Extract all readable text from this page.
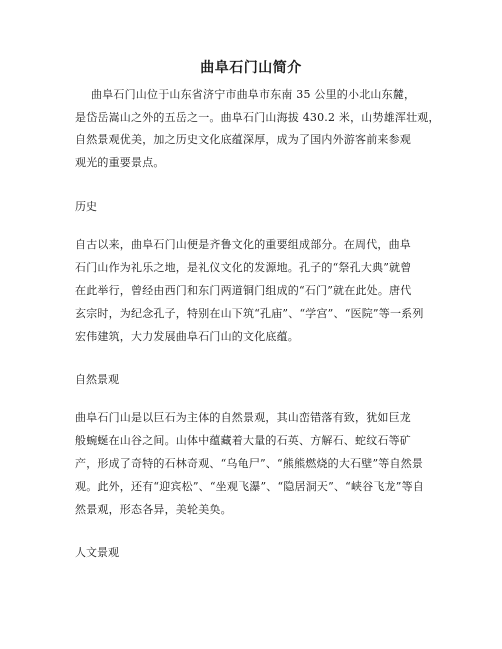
曲阜石门山简介
曲阜石门山位于山东省济宁市曲阜市东南 35 公里的小北山东麓，
是岱岳嵩山之外的五岳之一。曲阜石门山海拔 430.2 米，山势雄浑壮观，
自然景观优美，加之历史文化底蕴深厚，成为了国内外游客前来参观
观光的重要景点。
历史
自古以来，曲阜石门山便是齐鲁文化的重要组成部分。在周代，曲阜
石门山作为礼乐之地，是礼仪文化的发源地。孔子的“祭孔大典”就曾
在此举行，曾经由西门和东门两道铜门组成的“石门”就在此处。唐代
玄宗时，为纪念孔子，特别在山下筑“孔庙”、“学宫”、“医院”等一系列
宏伟建筑，大力发展曲阜石门山的文化底蕴。
自然景观
曲阜石门山是以巨石为主体的自然景观，其山峦错落有致，犹如巨龙
般蜿蜒在山谷之间。山体中蕴藏着大量的石英、方解石、蛇纹石等矿
产，形成了奇特的石林奇观、“乌龟尸”、“熊熊燃烧的大石壁”等自然景
观。此外，还有“迎宾松”、“坐观飞瀑”、“隐居洞天”、“峡谷飞龙”等自
然景观，形态各异，美轮美奂。
人文景观
